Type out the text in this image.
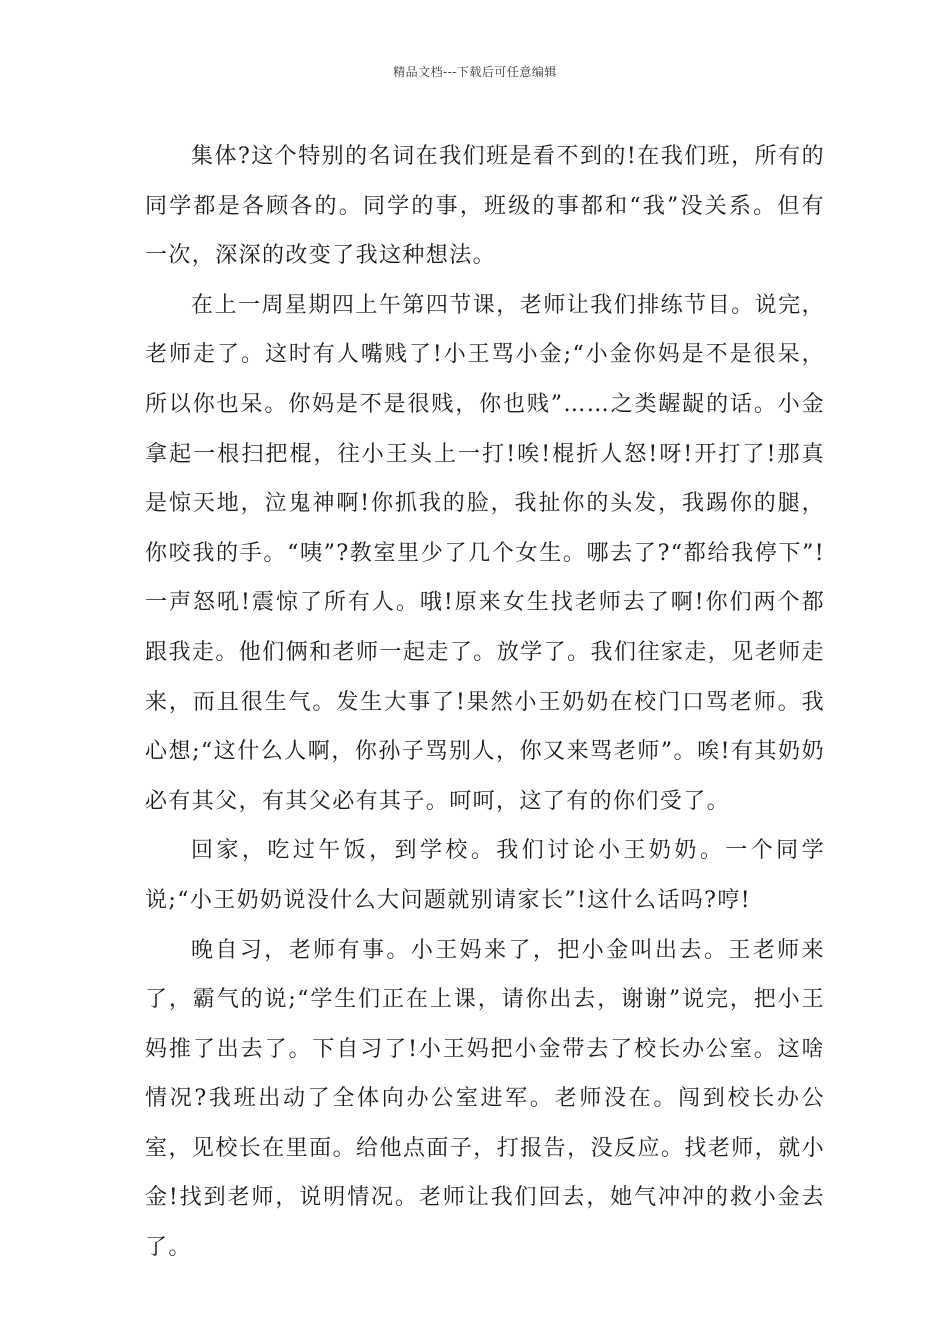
精品文档---下载后可任意编辑

集体?这个特别的名词在我们班是看不到的!在我们班，所有的同学都是各顾各的。同学的事，班级的事都和“我”没关系。但有一次，深深的改变了我这种想法。

在上一周星期四上午第四节课，老师让我们排练节目。说完，老师走了。这时有人嘴贱了!小王骂小金;“小金你妈是不是很呆，所以你也呆。你妈是不是很贱，你也贱”……之类龌龊的话。小金拿起一根扫把棍，往小王头上一打!唉!棍折人怒!呀!开打了!那真是惊天地，泣鬼神啊!你抓我的脸，我扯你的头发，我踢你的腿，你咬我的手。“咦”?教室里少了几个女生。哪去了?“都给我停下”!一声怒吼!震惊了所有人。哦!原来女生找老师去了啊!你们两个都跟我走。他们俩和老师一起走了。放学了。我们往家走，见老师走来，而且很生气。发生大事了!果然小王奶奶在校门口骂老师。我心想;“这什么人啊，你孙子骂别人，你又来骂老师”。唉!有其奶奶必有其父，有其父必有其子。呵呵，这了有的你们受了。

回家，吃过午饭，到学校。我们讨论小王奶奶。一个同学说;“小王奶奶说没什么大问题就别请家长”!这什么话吗?哼!

晚自习，老师有事。小王妈来了，把小金叫出去。王老师来了，霸气的说;“学生们正在上课，请你出去，谢谢”说完，把小王妈推了出去了。下自习了!小王妈把小金带去了校长办公室。这啥情况?我班出动了全体向办公室进军。老师没在。闯到校长办公室，见校长在里面。给他点面子，打报告，没反应。找老师，就小金!找到老师，说明情况。老师让我们回去，她气冲冲的救小金去了。
